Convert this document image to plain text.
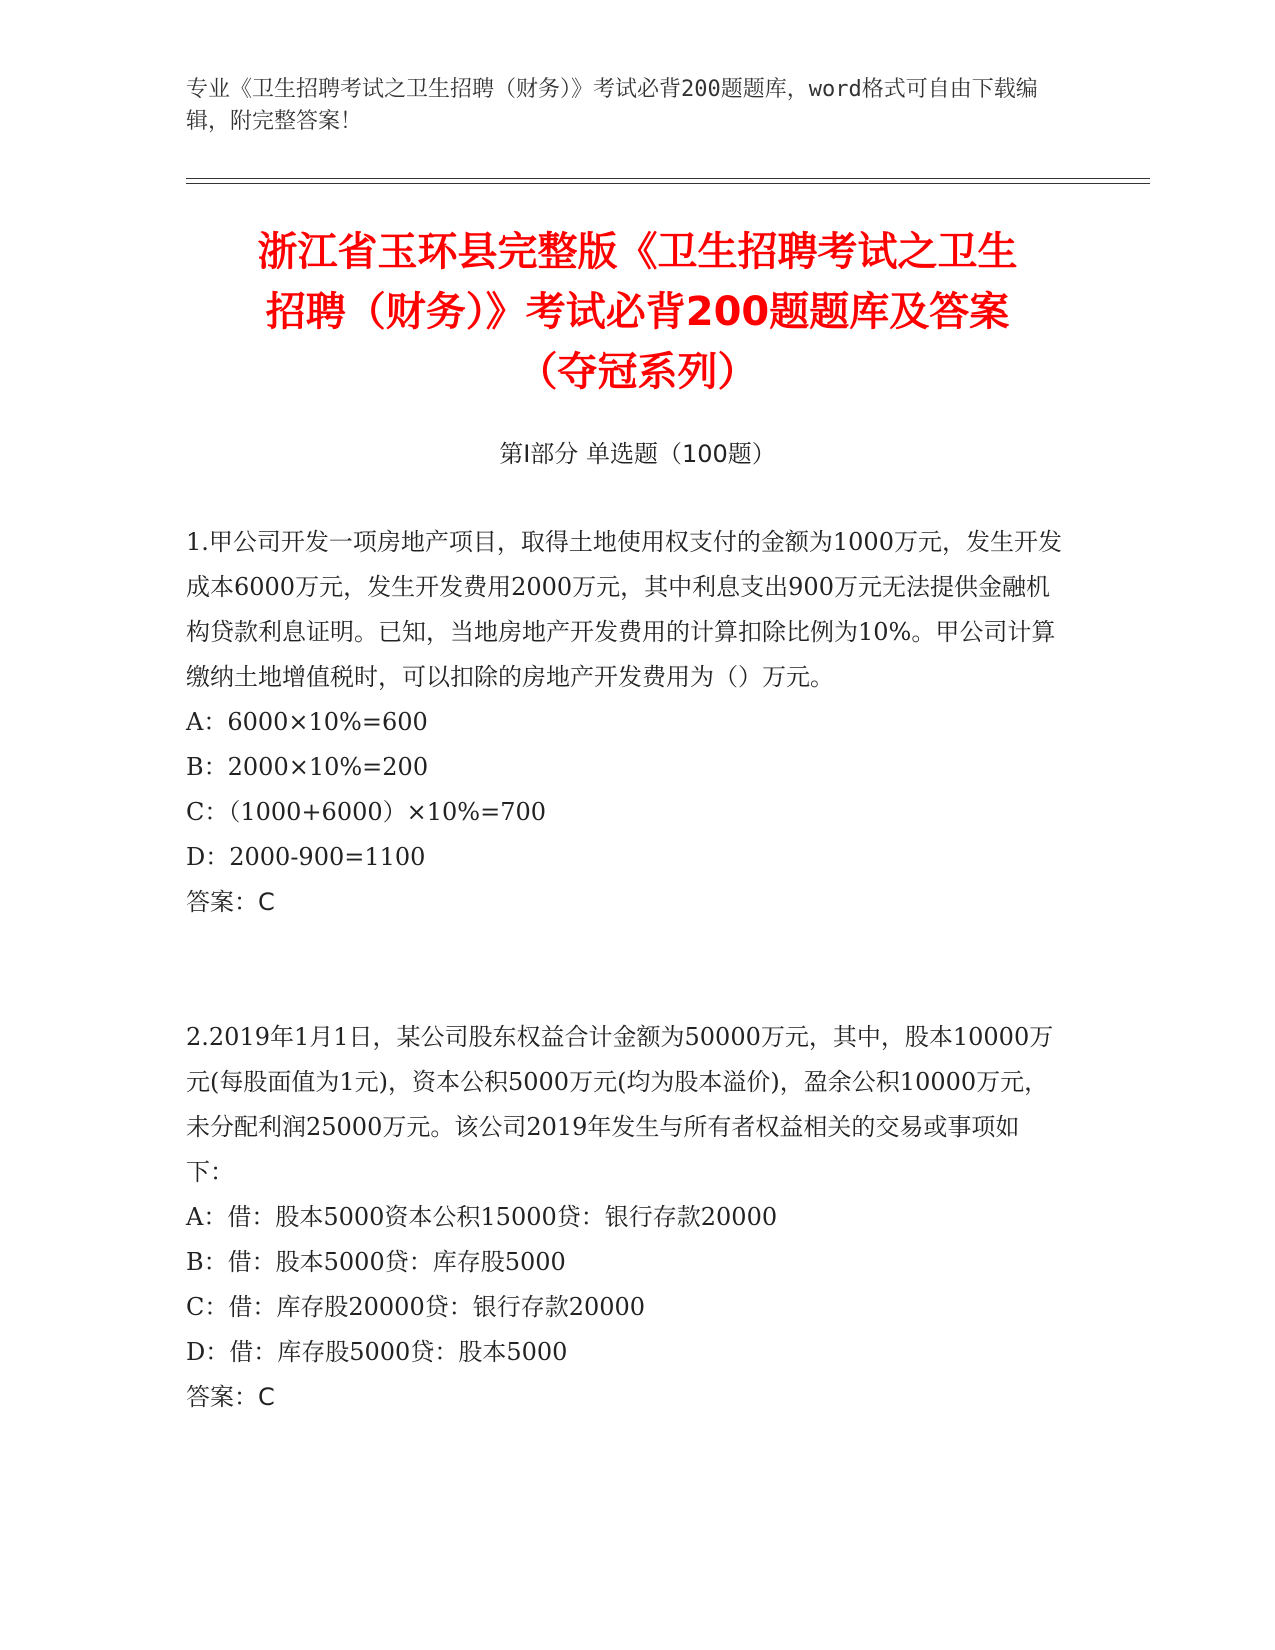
专业《卫生招聘考试之卫生招聘（财务）》考试必背200题题库，word格式可自由下载编辑，附完整答案！
浙江省玉环县完整版《卫生招聘考试之卫生
招聘（财务）》考试必背200题题库及答案
（夺冠系列）
第I部分 单选题（100题）
1.甲公司开发一项房地产项目，取得土地使用权支付的金额为1000万元，发生开发成本6000万元，发生开发费用2000万元，其中利息支出900万元无法提供金融机构贷款利息证明。已知，当地房地产开发费用的计算扣除比例为10%。甲公司计算缴纳土地增值税时，可以扣除的房地产开发费用为（）万元。
A：6000×10%=600
B：2000×10%=200
C：（1000+6000）×10%=700
D：2000-900=1100
答案：C
2.2019年1月1日，某公司股东权益合计金额为50000万元，其中，股本10000万元(每股面值为1元)，资本公积5000万元(均为股本溢价)，盈余公积10000万元，未分配利润25000万元。该公司2019年发生与所有者权益相关的交易或事项如下：
A：借：股本5000资本公积15000贷：银行存款20000
B：借：股本5000贷：库存股5000
C：借：库存股20000贷：银行存款20000
D：借：库存股5000贷：股本5000
答案：C
